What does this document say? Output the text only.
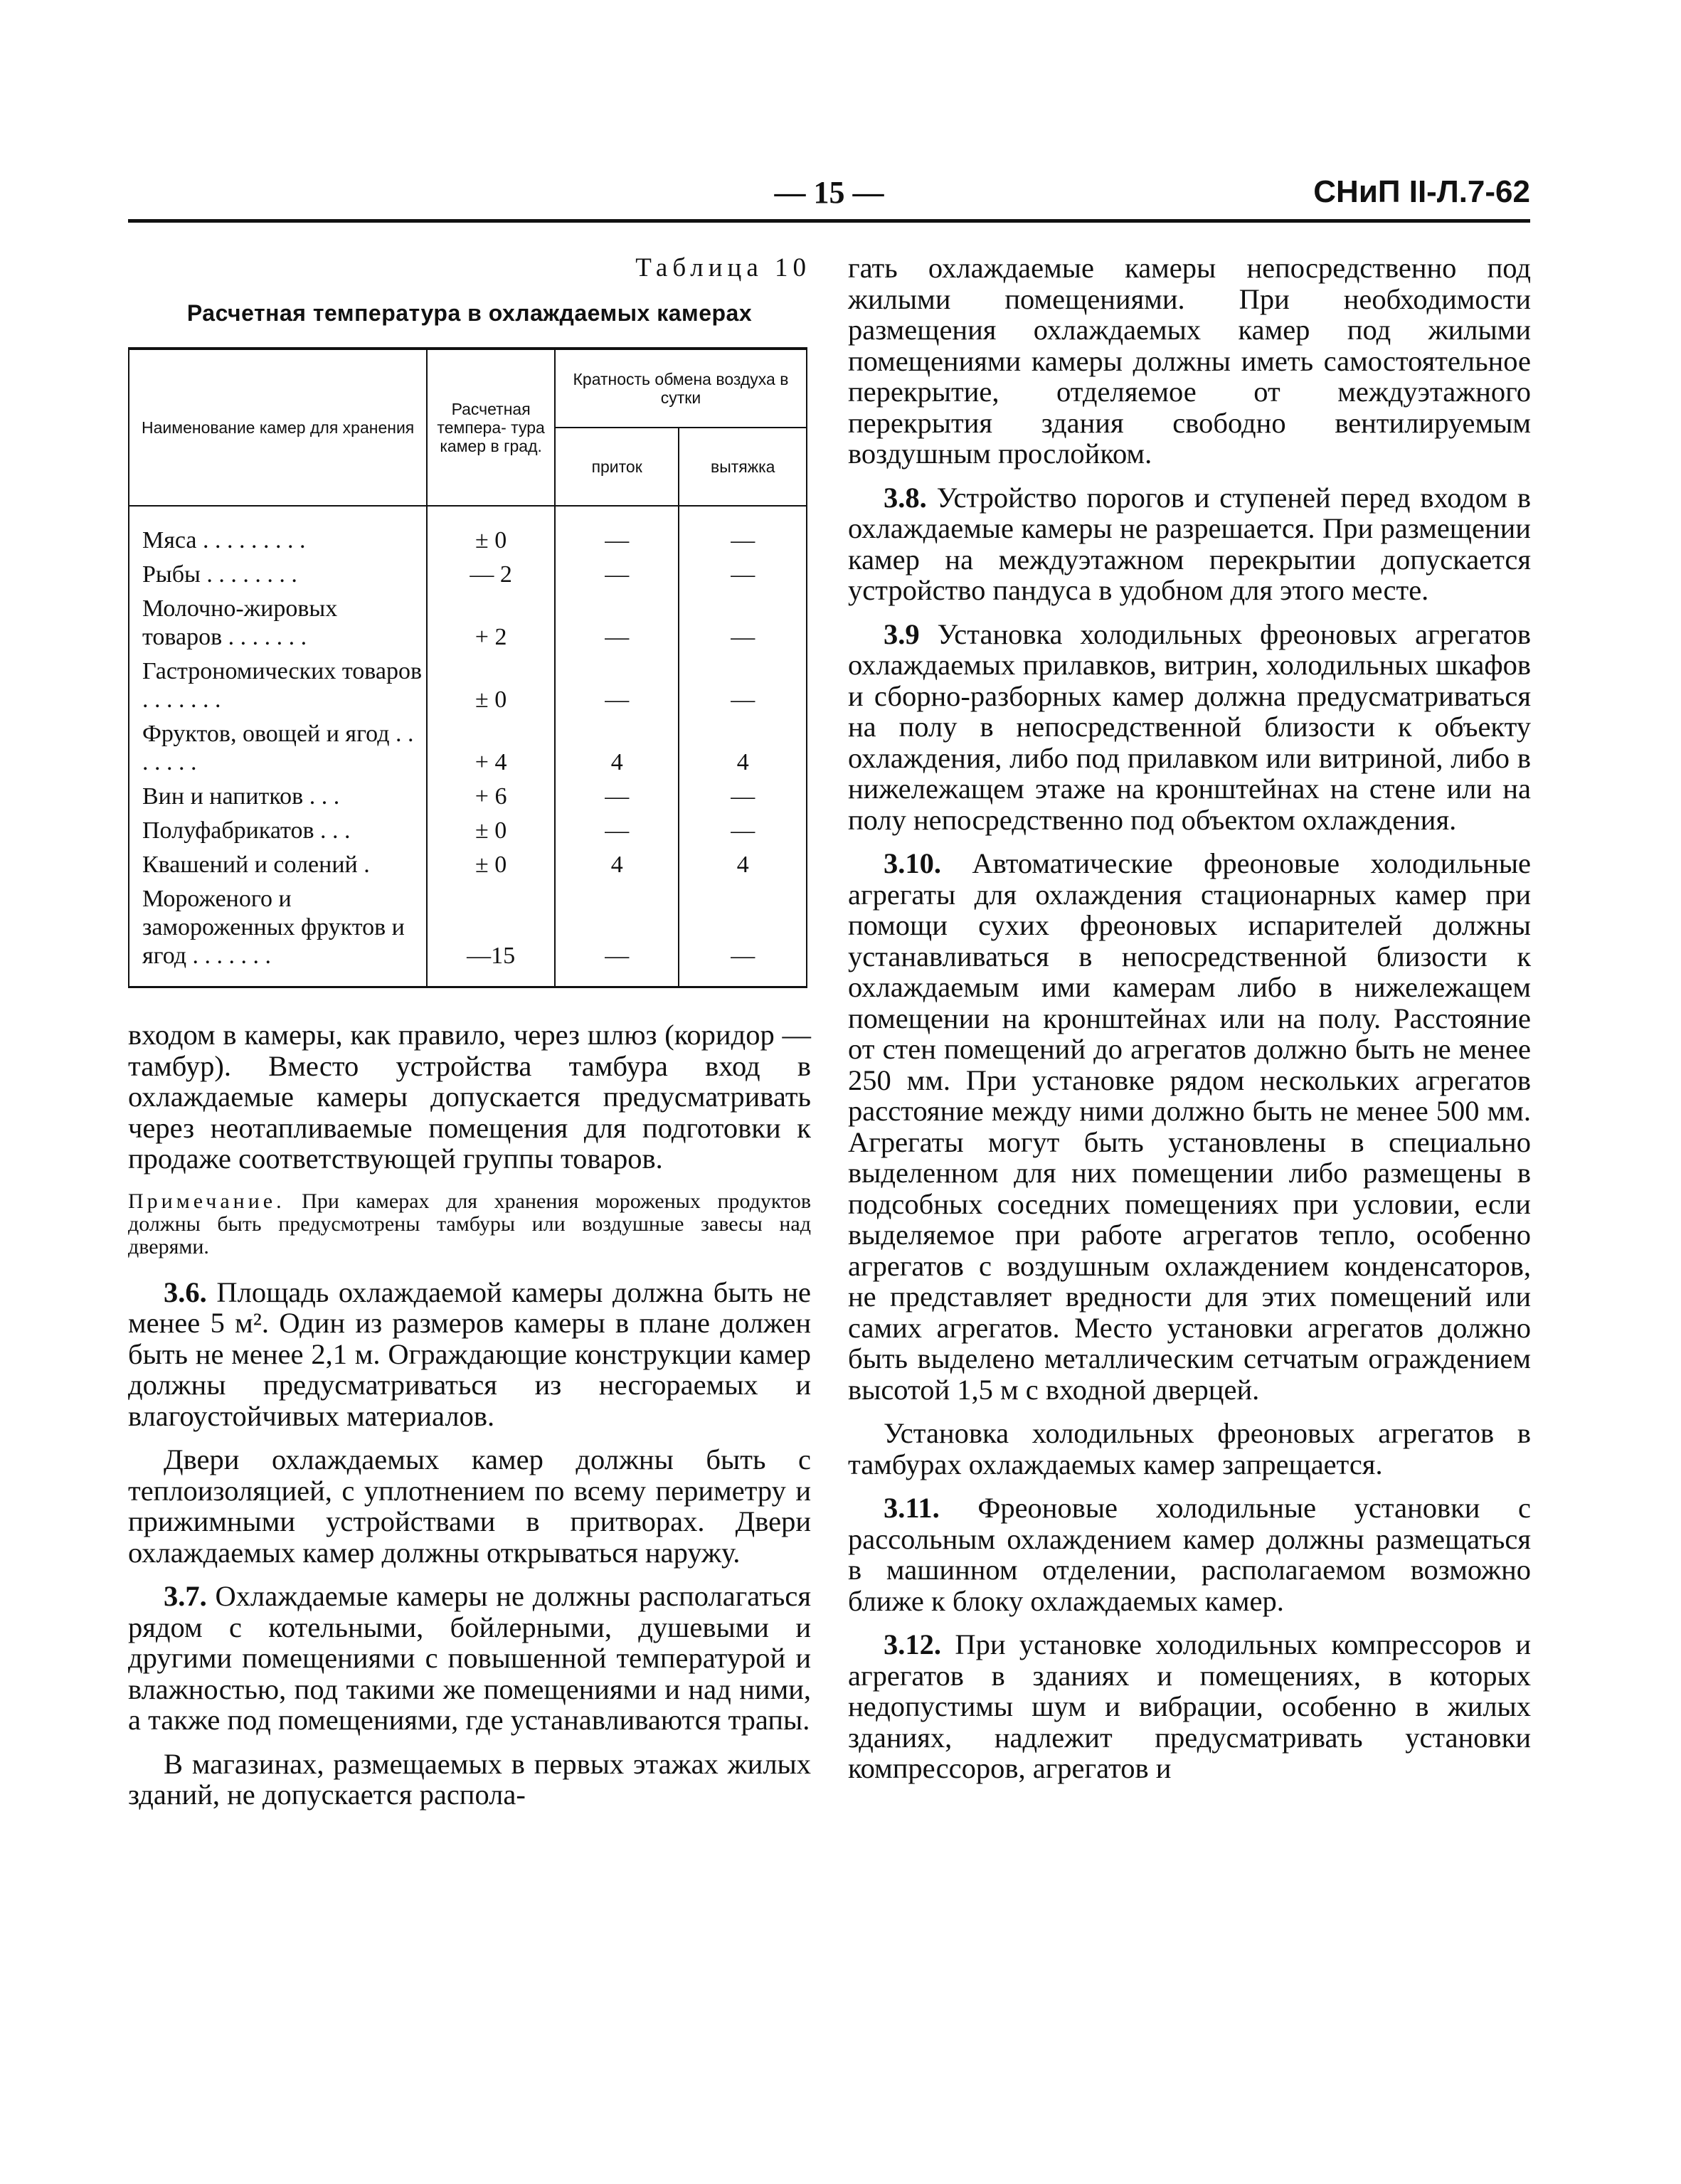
— 15 —	СНиП II-Л.7-62
Таблица 10
Расчетная температура в охлаждаемых камерах
Наименование камер для хранения	Расчетная темпера- тура камер в град.	Кратность обмена воздуха в сутки	
		приток	вытяжка
Мяса . . . . . . . . .	± 0	—	—
Рыбы . . . . . . . .	— 2	—	—
Молочно-жировых товаров . . . . . . .	+ 2	—	—
Гастрономических товаров . . . . . . .	± 0	—	—
Фруктов, овощей и ягод . . . . . . .	+ 4	4	4
Вин и напитков . . .	+ 6	—	—
Полуфабрикатов . . .	± 0	—	—
Квашений и солений .	± 0	4	4
Мороженого и замороженных фруктов и ягод . . . . . . .	—15	—	—

входом в камеры, как правило, через шлюз (коридор — тамбур). Вместо устройства тамбура вход в охлаждаемые камеры допускается предусматривать через неотапливаемые помещения для подготовки к продаже соответствующей группы товаров.

Примечание. При камерах для хранения мороженых продуктов должны быть предусмотрены тамбуры или воздушные завесы над дверями.

3.6. Площадь охлаждаемой камеры должна быть не менее 5 м². Один из размеров камеры в плане должен быть не менее 2,1 м. Ограждающие конструкции камер должны предусматриваться из несгораемых и влагоустойчивых материалов.

Двери охлаждаемых камер должны быть с теплоизоляцией, с уплотнением по всему периметру и прижимными устройствами в притворах. Двери охлаждаемых камер должны открываться наружу.

3.7. Охлаждаемые камеры не должны располагаться рядом с котельными, бойлерными, душевыми и другими помещениями с повышенной температурой и влажностью, под такими же помещениями и над ними, а также под помещениями, где устанавливаются трапы.

В магазинах, размещаемых в первых этажах жилых зданий, не допускается распола-

гать охлаждаемые камеры непосредственно под жилыми помещениями. При необходимости размещения охлаждаемых камер под жилыми помещениями камеры должны иметь самостоятельное перекрытие, отделяемое от междуэтажного перекрытия здания свободно вентилируемым воздушным прослойком.

3.8. Устройство порогов и ступеней перед входом в охлаждаемые камеры не разрешается. При размещении камер на междуэтажном перекрытии допускается устройство пандуса в удобном для этого месте.

3.9 Установка холодильных фреоновых агрегатов охлаждаемых прилавков, витрин, холодильных шкафов и сборно-разборных камер должна предусматриваться на полу в непосредственной близости к объекту охлаждения, либо под прилавком или витриной, либо в нижележащем этаже на кронштейнах на стене или на полу непосредственно под объектом охлаждения.

3.10. Автоматические фреоновые холодильные агрегаты для охлаждения стационарных камер при помощи сухих фреоновых испарителей должны устанавливаться в непосредственной близости к охлаждаемым ими камерам либо в нижележащем помещении на кронштейнах или на полу. Расстояние от стен помещений до агрегатов должно быть не менее 250 мм. При установке рядом нескольких агрегатов расстояние между ними должно быть не менее 500 мм. Агрегаты могут быть установлены в специально выделенном для них помещении либо размещены в подсобных соседних помещениях при условии, если выделяемое при работе агрегатов тепло, особенно агрегатов с воздушным охлаждением конденсаторов, не представляет вредности для этих помещений или самих агрегатов. Место установки агрегатов должно быть выделено металлическим сетчатым ограждением высотой 1,5 м с входной дверцей.

Установка холодильных фреоновых агрегатов в тамбурах охлаждаемых камер запрещается.

3.11. Фреоновые холодильные установки с рассольным охлаждением камер должны размещаться в машинном отделении, располагаемом возможно ближе к блоку охлаждаемых камер.

3.12. При установке холодильных компрессоров и агрегатов в зданиях и помещениях, в которых недопустимы шум и вибрации, особенно в жилых зданиях, надлежит предусматривать установки компрессоров, агрегатов и
